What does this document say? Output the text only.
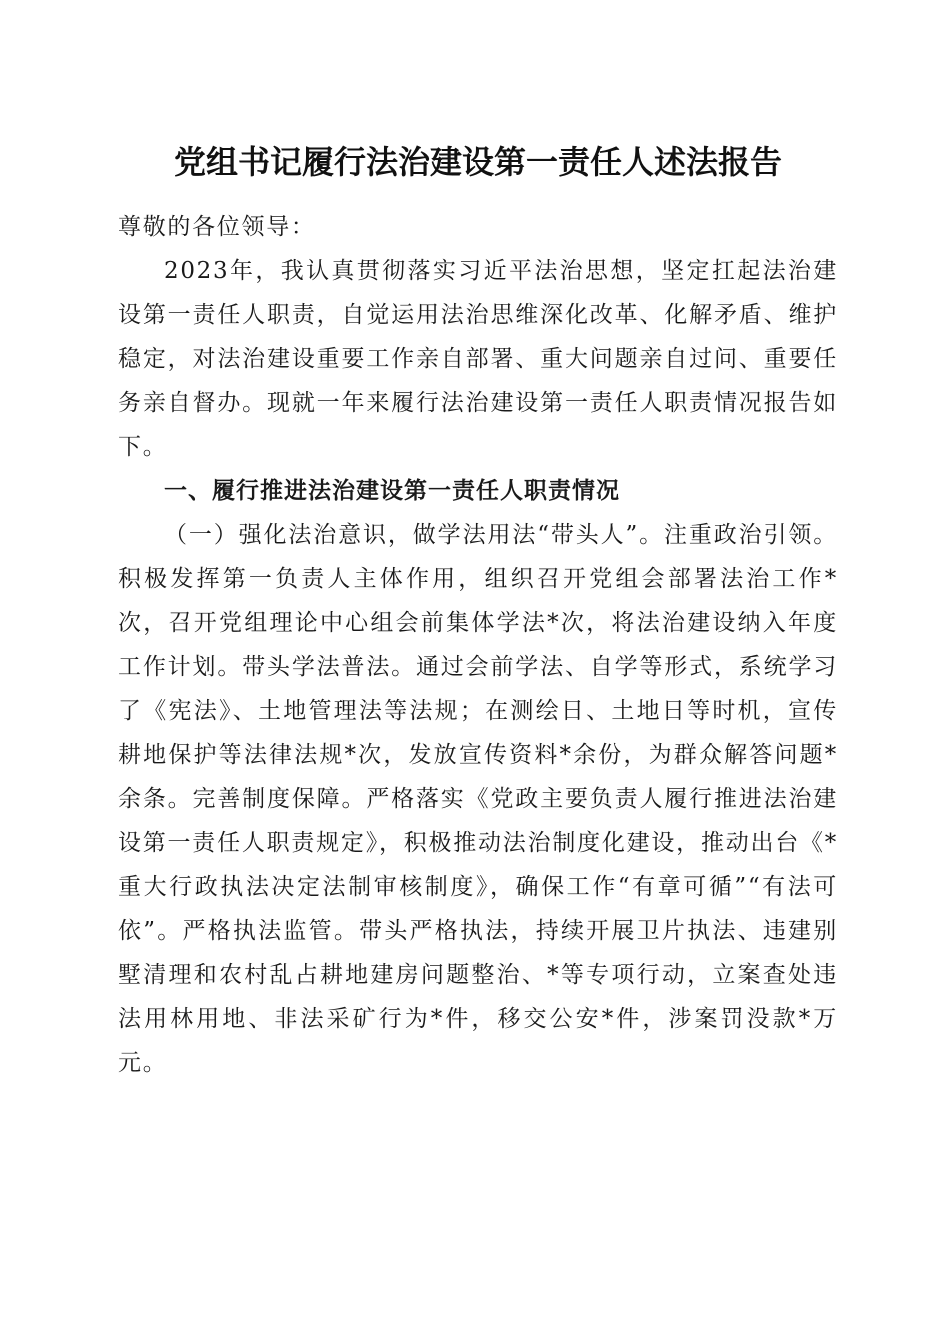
党组书记履行法治建设第一责任人述法报告

尊敬的各位领导：

2023年，我认真贯彻落实习近平法治思想，坚定扛起法治建设第一责任人职责，自觉运用法治思维深化改革、化解矛盾、维护稳定，对法治建设重要工作亲自部署、重大问题亲自过问、重要任务亲自督办。现就一年来履行法治建设第一责任人职责情况报告如下。

一、履行推进法治建设第一责任人职责情况

（一）强化法治意识，做学法用法“带头人”。注重政治引领。积极发挥第一负责人主体作用，组织召开党组会部署法治工作*次，召开党组理论中心组会前集体学法*次，将法治建设纳入年度工作计划。带头学法普法。通过会前学法、自学等形式，系统学习了《宪法》、土地管理法等法规；在测绘日、土地日等时机，宣传耕地保护等法律法规*次，发放宣传资料*余份，为群众解答问题*余条。完善制度保障。严格落实《党政主要负责人履行推进法治建设第一责任人职责规定》，积极推动法治制度化建设，推动出台《*重大行政执法决定法制审核制度》，确保工作“有章可循”“有法可依”。严格执法监管。带头严格执法，持续开展卫片执法、违建别墅清理和农村乱占耕地建房问题整治、*等专项行动，立案查处违法用林用地、非法采矿行为*件，移交公安*件，涉案罚没款*万元。
